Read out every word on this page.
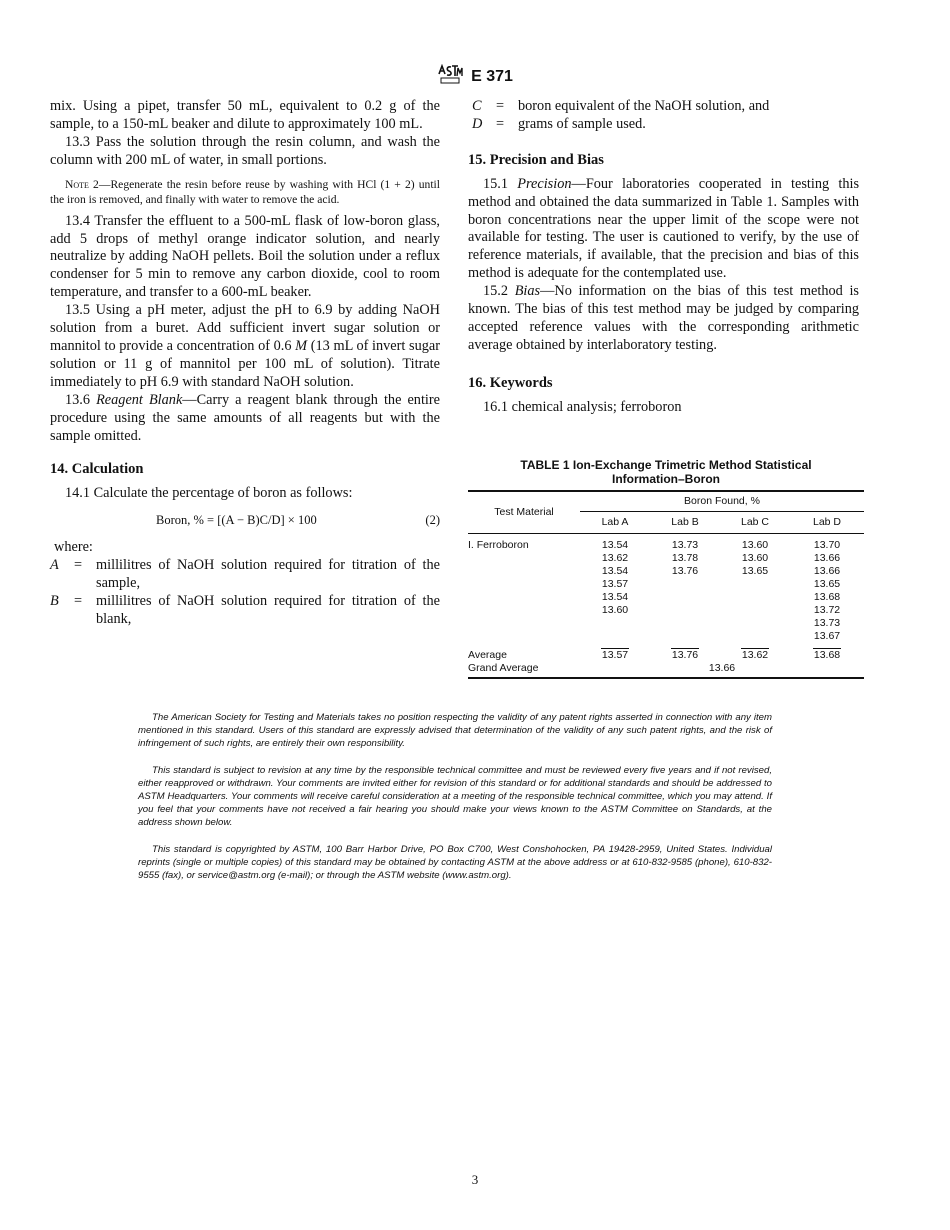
E 371

mix. Using a pipet, transfer 50 mL, equivalent to 0.2 g of the sample, to a 150-mL beaker and dilute to approximately 100 mL.

13.3 Pass the solution through the resin column, and wash the column with 200 mL of water, in small portions.

Note 2—Regenerate the resin before reuse by washing with HCl (1 + 2) until the iron is removed, and finally with water to remove the acid.

13.4 Transfer the effluent to a 500-mL flask of low-boron glass, add 5 drops of methyl orange indicator solution, and nearly neutralize by adding NaOH pellets. Boil the solution under a reflux condenser for 5 min to remove any carbon dioxide, cool to room temperature, and transfer to a 600-mL beaker.

13.5 Using a pH meter, adjust the pH to 6.9 by adding NaOH solution from a buret. Add sufficient invert sugar solution or mannitol to provide a concentration of 0.6 M (13 mL of invert sugar solution or 11 g of mannitol per 100 mL of solution). Titrate immediately to pH 6.9 with standard NaOH solution.

13.6 Reagent Blank—Carry a reagent blank through the entire procedure using the same amounts of all reagents but with the sample omitted.

14. Calculation

14.1 Calculate the percentage of boron as follows:

Boron, % = [(A − B)C/D] × 100	(2)

where:

A	= millilitres of NaOH solution required for titration of the sample,
B	= millilitres of NaOH solution required for titration of the blank,
C	= boron equivalent of the NaOH solution, and
D = grams of sample used.
15. Precision and Bias

15.1 Precision—Four laboratories cooperated in testing this method and obtained the data summarized in Table 1. Samples with boron concentrations near the upper limit of the scope were not available for testing. The user is cautioned to verify, by the use of reference materials, if available, that the precision and bias of this method is adequate for the contemplated use.

15.2 Bias—No information on the bias of this test method is known. The bias of this test method may be judged by comparing accepted reference values with the corresponding arithmetic average obtained by interlaboratory testing.

16. Keywords

16.1 chemical analysis; ferroboron

TABLE 1 Ion-Exchange Trimetric Method Statistical
Information–Boron

Test Material	Boron Found, %			
	Lab A	Lab B	Lab C	Lab D
I. Ferroboron	13.54	13.73	13.60	13.70
	13.62	13.78	13.60	13.66
	13.54	13.76	13.65	13.66
	13.57			13.65
	13.54			13.68
	13.60			13.72
				13.73
				13.67

Average	13.57	13.76	13.62	13.68
Grand Average	13.66			

The American Society for Testing and Materials takes no position respecting the validity of any patent rights asserted in connection with any item mentioned in this standard. Users of this standard are expressly advised that determination of the validity of any such patent rights, and the risk of infringement of such rights, are entirely their own responsibility.

This standard is subject to revision at any time by the responsible technical committee and must be reviewed every five years and if not revised, either reapproved or withdrawn. Your comments are invited either for revision of this standard or for additional standards and should be addressed to ASTM Headquarters. Your comments will receive careful consideration at a meeting of the responsible technical committee, which you may attend. If you feel that your comments have not received a fair hearing you should make your views known to the ASTM Committee on Standards, at the address shown below.

This standard is copyrighted by ASTM, 100 Barr Harbor Drive, PO Box C700, West Conshohocken, PA 19428-2959, United States. Individual reprints (single or multiple copies) of this standard may be obtained by contacting ASTM at the above address or at 610-832-9585 (phone), 610-832-9555 (fax), or service@astm.org (e-mail); or through the ASTM website (www.astm.org).

3
